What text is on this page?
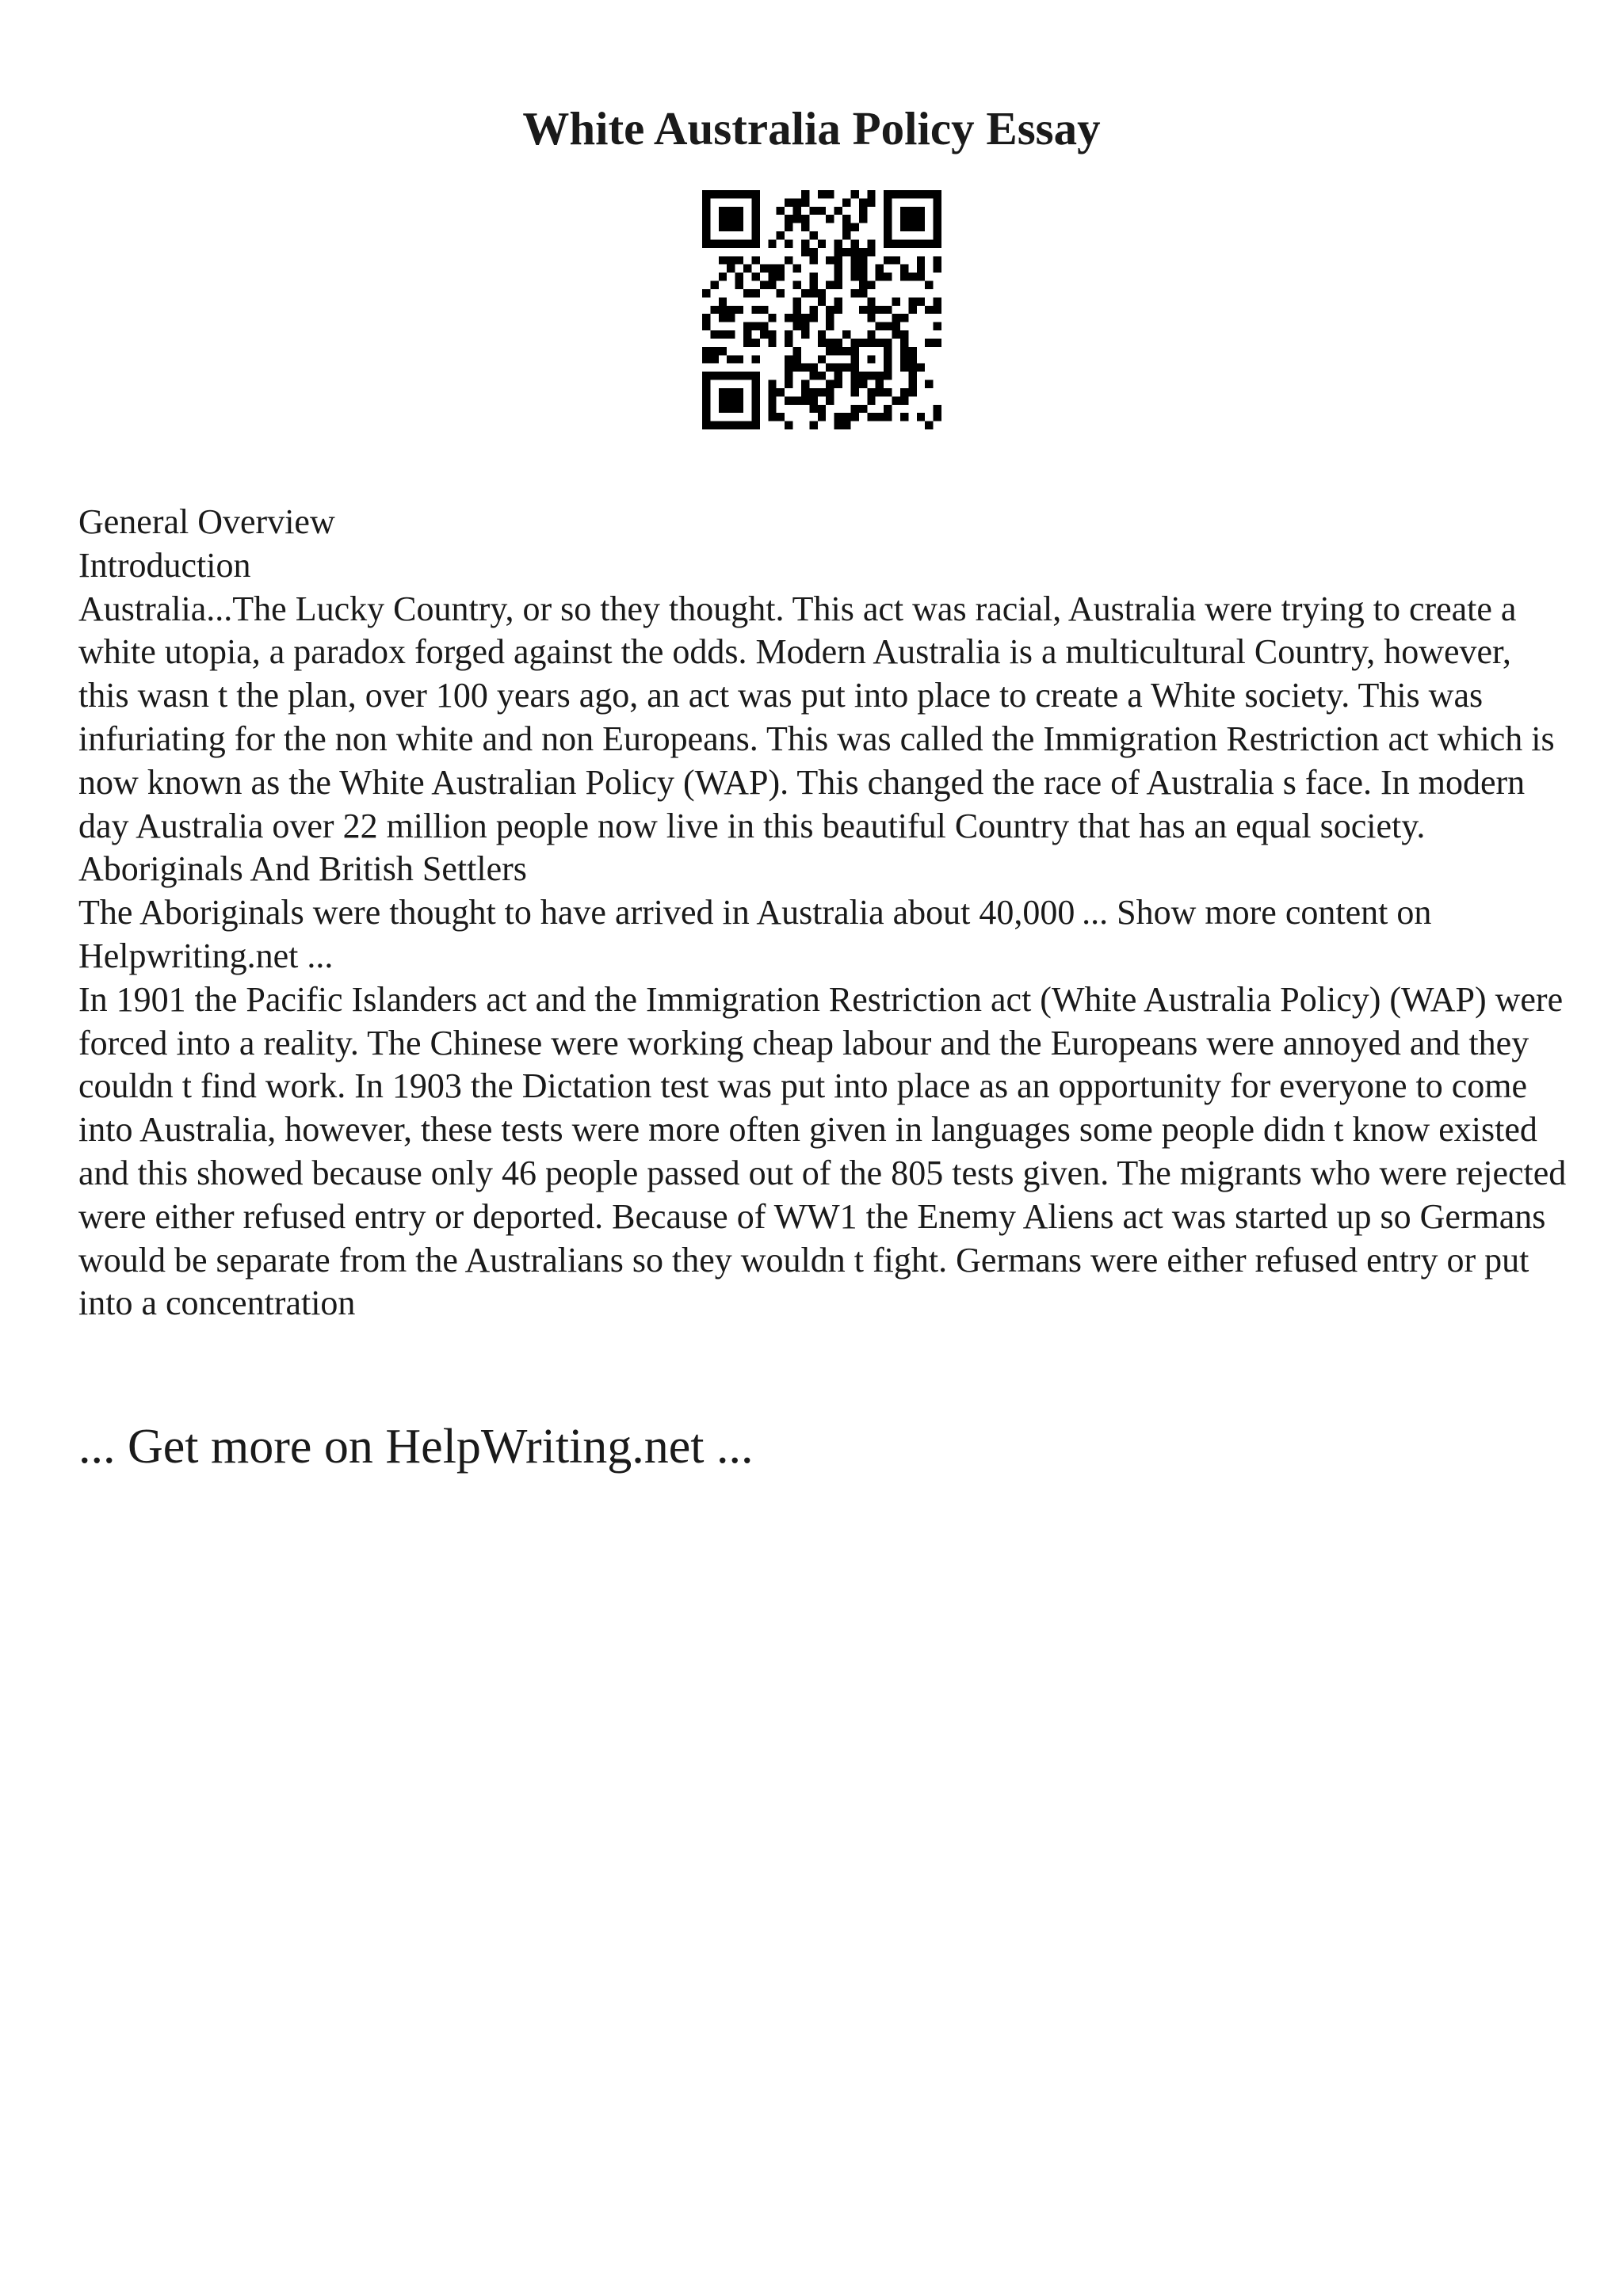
White Australia Policy Essay

General Overview

Introduction

Australia...The Lucky Country, or so they thought. This act was racial, Australia were trying to create a white utopia, a paradox forged against the odds. Modern Australia is a multicultural Country, however, this wasn t the plan, over 100 years ago, an act was put into place to create a White society. This was infuriating for the non white and non Europeans. This was called the Immigration Restriction act which is now known as the White Australian Policy (WAP). This changed the race of Australia s face. In modern day Australia over 22 million people now live in this beautiful Country that has an equal society.

Aboriginals And British Settlers

The Aboriginals were thought to have arrived in Australia about 40,000 ... Show more content on Helpwriting.net ...

In 1901 the Pacific Islanders act and the Immigration Restriction act (White Australia Policy) (WAP) were forced into a reality. The Chinese were working cheap labour and the Europeans were annoyed and they couldn t find work. In 1903 the Dictation test was put into place as an opportunity for everyone to come into Australia, however, these tests were more often given in languages some people didn t know existed and this showed because only 46 people passed out of the 805 tests given. The migrants who were rejected were either refused entry or deported. Because of WW1 the Enemy Aliens act was started up so Germans would be separate from the Australians so they wouldn t fight. Germans were either refused entry or put into a concentration

... Get more on HelpWriting.net ...
